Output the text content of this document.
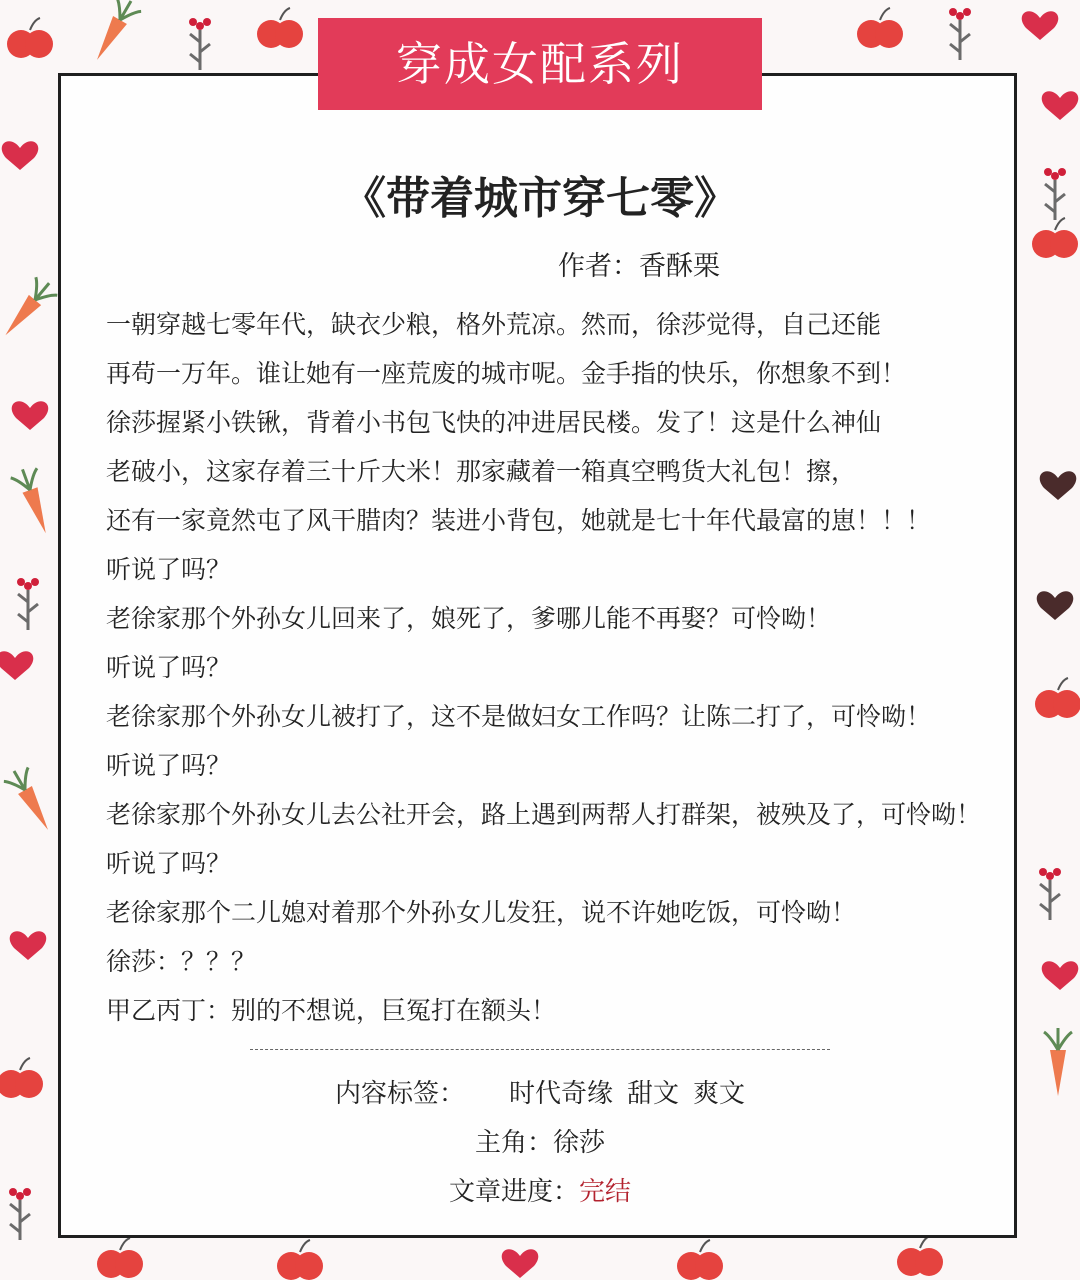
穿成女配系列
《带着城市穿七零》
作者：香酥栗
一朝穿越七零年代，缺衣少粮，格外荒凉。然而，徐莎觉得，自己还能
再苟一万年。谁让她有一座荒废的城市呢。金手指的快乐，你想象不到！
徐莎握紧小铁锹，背着小书包飞快的冲进居民楼。发了！这是什么神仙
老破小，这家存着三十斤大米！那家藏着一箱真空鸭货大礼包！擦，
还有一家竟然屯了风干腊肉？装进小背包，她就是七十年代最富的崽！！！
听说了吗？
老徐家那个外孙女儿回来了，娘死了，爹哪儿能不再娶？可怜呦！
听说了吗？
老徐家那个外孙女儿被打了，这不是做妇女工作吗？让陈二打了，可怜呦！
听说了吗？
老徐家那个外孙女儿去公社开会，路上遇到两帮人打群架，被殃及了，可怜呦！
听说了吗？
老徐家那个二儿媳对着那个外孙女儿发狂，说不许她吃饭，可怜呦！
徐莎：？？？
甲乙丙丁：别的不想说，巨冤打在额头！
内容标签： 时代奇缘 甜文 爽文
主角：徐莎
文章进度：完结
